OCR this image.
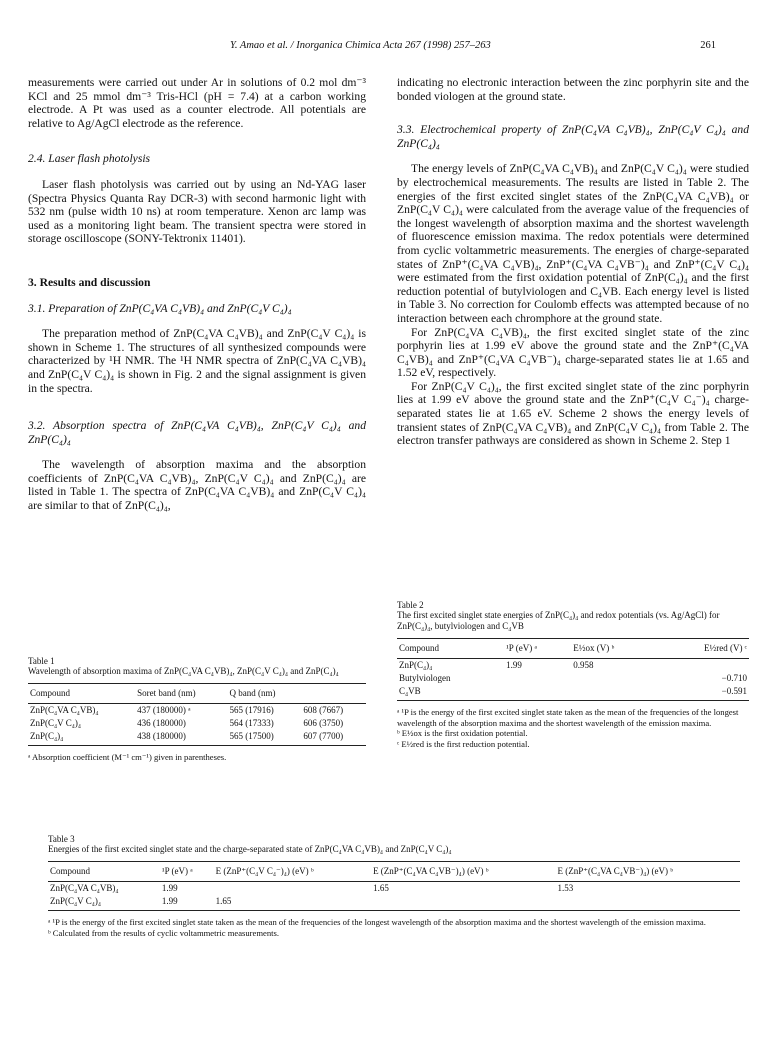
Y. Amao et al. / Inorganica Chimica Acta 267 (1998) 257–263	261

measurements were carried out under Ar in solutions of 0.2 mol dm⁻³ KCl and 25 mmol dm⁻³ Tris-HCl (pH = 7.4) at a carbon working electrode. A Pt was used as a counter electrode. All potentials are relative to Ag/AgCl electrode as the reference.

2.4. Laser flash photolysis

Laser flash photolysis was carried out by using an Nd-YAG laser (Spectra Physics Quanta Ray DCR-3) with second harmonic light with 532 nm (pulse width 10 ns) at room temperature. Xenon arc lamp was used as a monitoring light beam. The transient spectra were stored in storage oscilloscope (SONY-Tektronix 11401).

3. Results and discussion

3.1. Preparation of ZnP(C₄VA C₄VB)₄ and ZnP(C₄V C₄)₄

The preparation method of ZnP(C₄VA C₄VB)₄ and ZnP(C₄V C₄)₄ is shown in Scheme 1. The structures of all synthesized compounds were characterized by ¹H NMR. The ¹H NMR spectra of ZnP(C₄VA C₄VB)₄ and ZnP(C₄V C₄)₄ is shown in Fig. 2 and the signal assignment is given in the spectra.

3.2. Absorption spectra of ZnP(C₄VA C₄VB)₄, ZnP(C₄V C₄)₄ and ZnP(C₄)₄

The wavelength of absorption maxima and the absorption coefficients of ZnP(C₄VA C₄VB)₄, ZnP(C₄V C₄)₄ and ZnP(C₄)₄ are listed in Table 1. The spectra of ZnP(C₄VA C₄VB)₄ and ZnP(C₄V C₄)₄ are similar to that of ZnP(C₄)₄,

indicating no electronic interaction between the zinc porphyrin site and the bonded viologen at the ground state.

3.3. Electrochemical property of ZnP(C₄VA C₄VB)₄, ZnP(C₄V C₄)₄ and ZnP(C₄)₄

The energy levels of ZnP(C₄VA C₄VB)₄ and ZnP(C₄V C₄)₄ were studied by electrochemical measurements. The results are listed in Table 2. The energies of the first excited singlet states of the ZnP(C₄VA C₄VB)₄ or ZnP(C₄V C₄)₄ were calculated from the average value of the frequencies of the longest wavelength of absorption maxima and the shortest wavelength of fluorescence emission maxima. The redox potentials were determined from cyclic voltammetric measurements. The energies of charge-separated states of ZnP⁺(C₄VA C₄VB)₄, ZnP⁺(C₄VA C₄VB⁻)₄ and ZnP⁺(C₄V C₄)₄ were estimated from the first oxidation potential of ZnP(C₄)₄ and the first reduction potential of butylviologen and C₄VB. Each energy level is listed in Table 3. No correction for Coulomb effects was attempted because of no interaction between each chromphore at the ground state.

For ZnP(C₄VA C₄VB)₄, the first excited singlet state of the zinc porphyrin lies at 1.99 eV above the ground state and the ZnP⁺(C₄VA C₄VB)₄ and ZnP⁺(C₄VA C₄VB⁻)₄ charge-separated states lie at 1.65 and 1.52 eV, respectively.

For ZnP(C₄V C₄)₄, the first excited singlet state of the zinc porphyrin lies at 1.99 eV above the ground state and the ZnP⁺(C₄V C₄⁻)₄ charge-separated states lie at 1.65 eV. Scheme 2 shows the energy levels of transient states of ZnP(C₄VA C₄VB)₄ and ZnP(C₄V C₄)₄ from Table 2. The electron transfer pathways are considered as shown in Scheme 2. Step 1

Table 1
Wavelength of absorption maxima of ZnP(C₄VA C₄VB)₄, ZnP(C₄V C₄)₄ and ZnP(C₄)₄
Compound	Soret band (nm)	Q band (nm)	
ZnP(C₄VA C₄VB)₄	437 (180000) ᵃ	565 (17916)	608 (7667)
ZnP(C₄V C₄)₄	436 (180000)	564 (17333)	606 (3750)
ZnP(C₄)₄	438 (180000)	565 (17500)	607 (7700)
ᵃ Absorption coefficient (M⁻¹ cm⁻¹) given in parentheses.
Table 2
The first excited singlet state energies of ZnP(C₄)₄ and redox potentials (vs. Ag/AgCl) for ZnP(C₄)₄, butylviologen and C₄VB
Compound	¹P (eV) ᵃ	E½ox (V) ᵇ	E½red (V) ᶜ
ZnP(C₄)₄	1.99	0.958	
Butylviologen			−0.710
C₄VB			−0.591
ᵃ ¹P is the energy of the first excited singlet state taken as the mean of the frequencies of the longest wavelength of the absorption maxima and the shortest wavelength of the emission maxima.
ᵇ E½ox is the first oxidation potential.
ᶜ E½red is the first reduction potential.
Table 3
Energies of the first excited singlet state and the charge-separated state of ZnP(C₄VA C₄VB)₄ and ZnP(C₄V C₄)₄
Compound	¹P (eV) ᵃ	E (ZnP⁺(C₄V C₄⁻)₄) (eV) ᵇ	E (ZnP⁺(C₄VA C₄VB⁻)₄) (eV) ᵇ	E (ZnP⁺(C₄VA C₄VB⁻)₄) (eV) ᵇ
ZnP(C₄VA C₄VB)₄	1.99		1.65	1.53
ZnP(C₄V C₄)₄	1.99	1.65		
ᵃ ¹P is the energy of the first excited singlet state taken as the mean of the frequencies of the longest wavelength of the absorption maxima and the shortest wavelength of the emission maxima.
ᵇ Calculated from the results of cyclic voltammetric measurements.
